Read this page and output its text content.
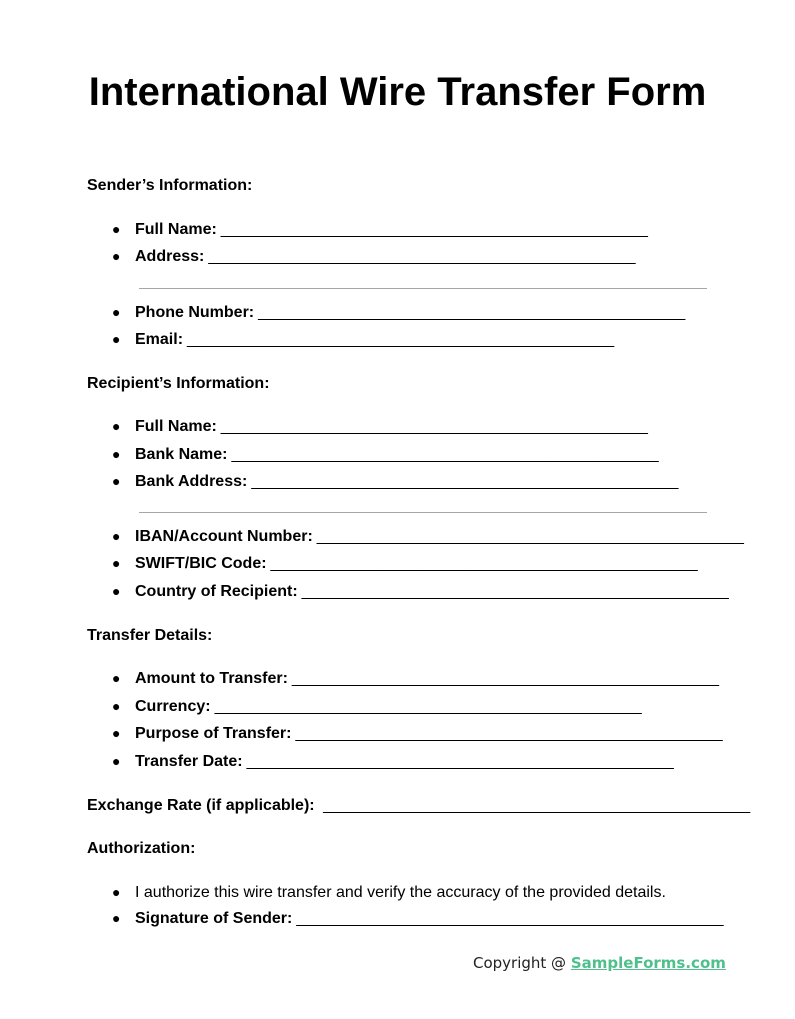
International Wire Transfer Form
Sender’s Information:
● Full Name: ________________________________________________
● Address: ________________________________________________
● Phone Number: ________________________________________________
● Email: ________________________________________________
Recipient’s Information:
● Full Name: ________________________________________________
● Bank Name: ________________________________________________
● Bank Address: ________________________________________________
● IBAN/Account Number: ________________________________________________
● SWIFT/BIC Code: ________________________________________________
● Country of Recipient: ________________________________________________
Transfer Details:
● Amount to Transfer: ________________________________________________
● Currency: ________________________________________________
● Purpose of Transfer: ________________________________________________
● Transfer Date: ________________________________________________
Exchange Rate (if applicable): ________________________________________________
Authorization:
● I authorize this wire transfer and verify the accuracy of the provided details.
● Signature of Sender: ________________________________________________
Copyright @ SampleForms.com
